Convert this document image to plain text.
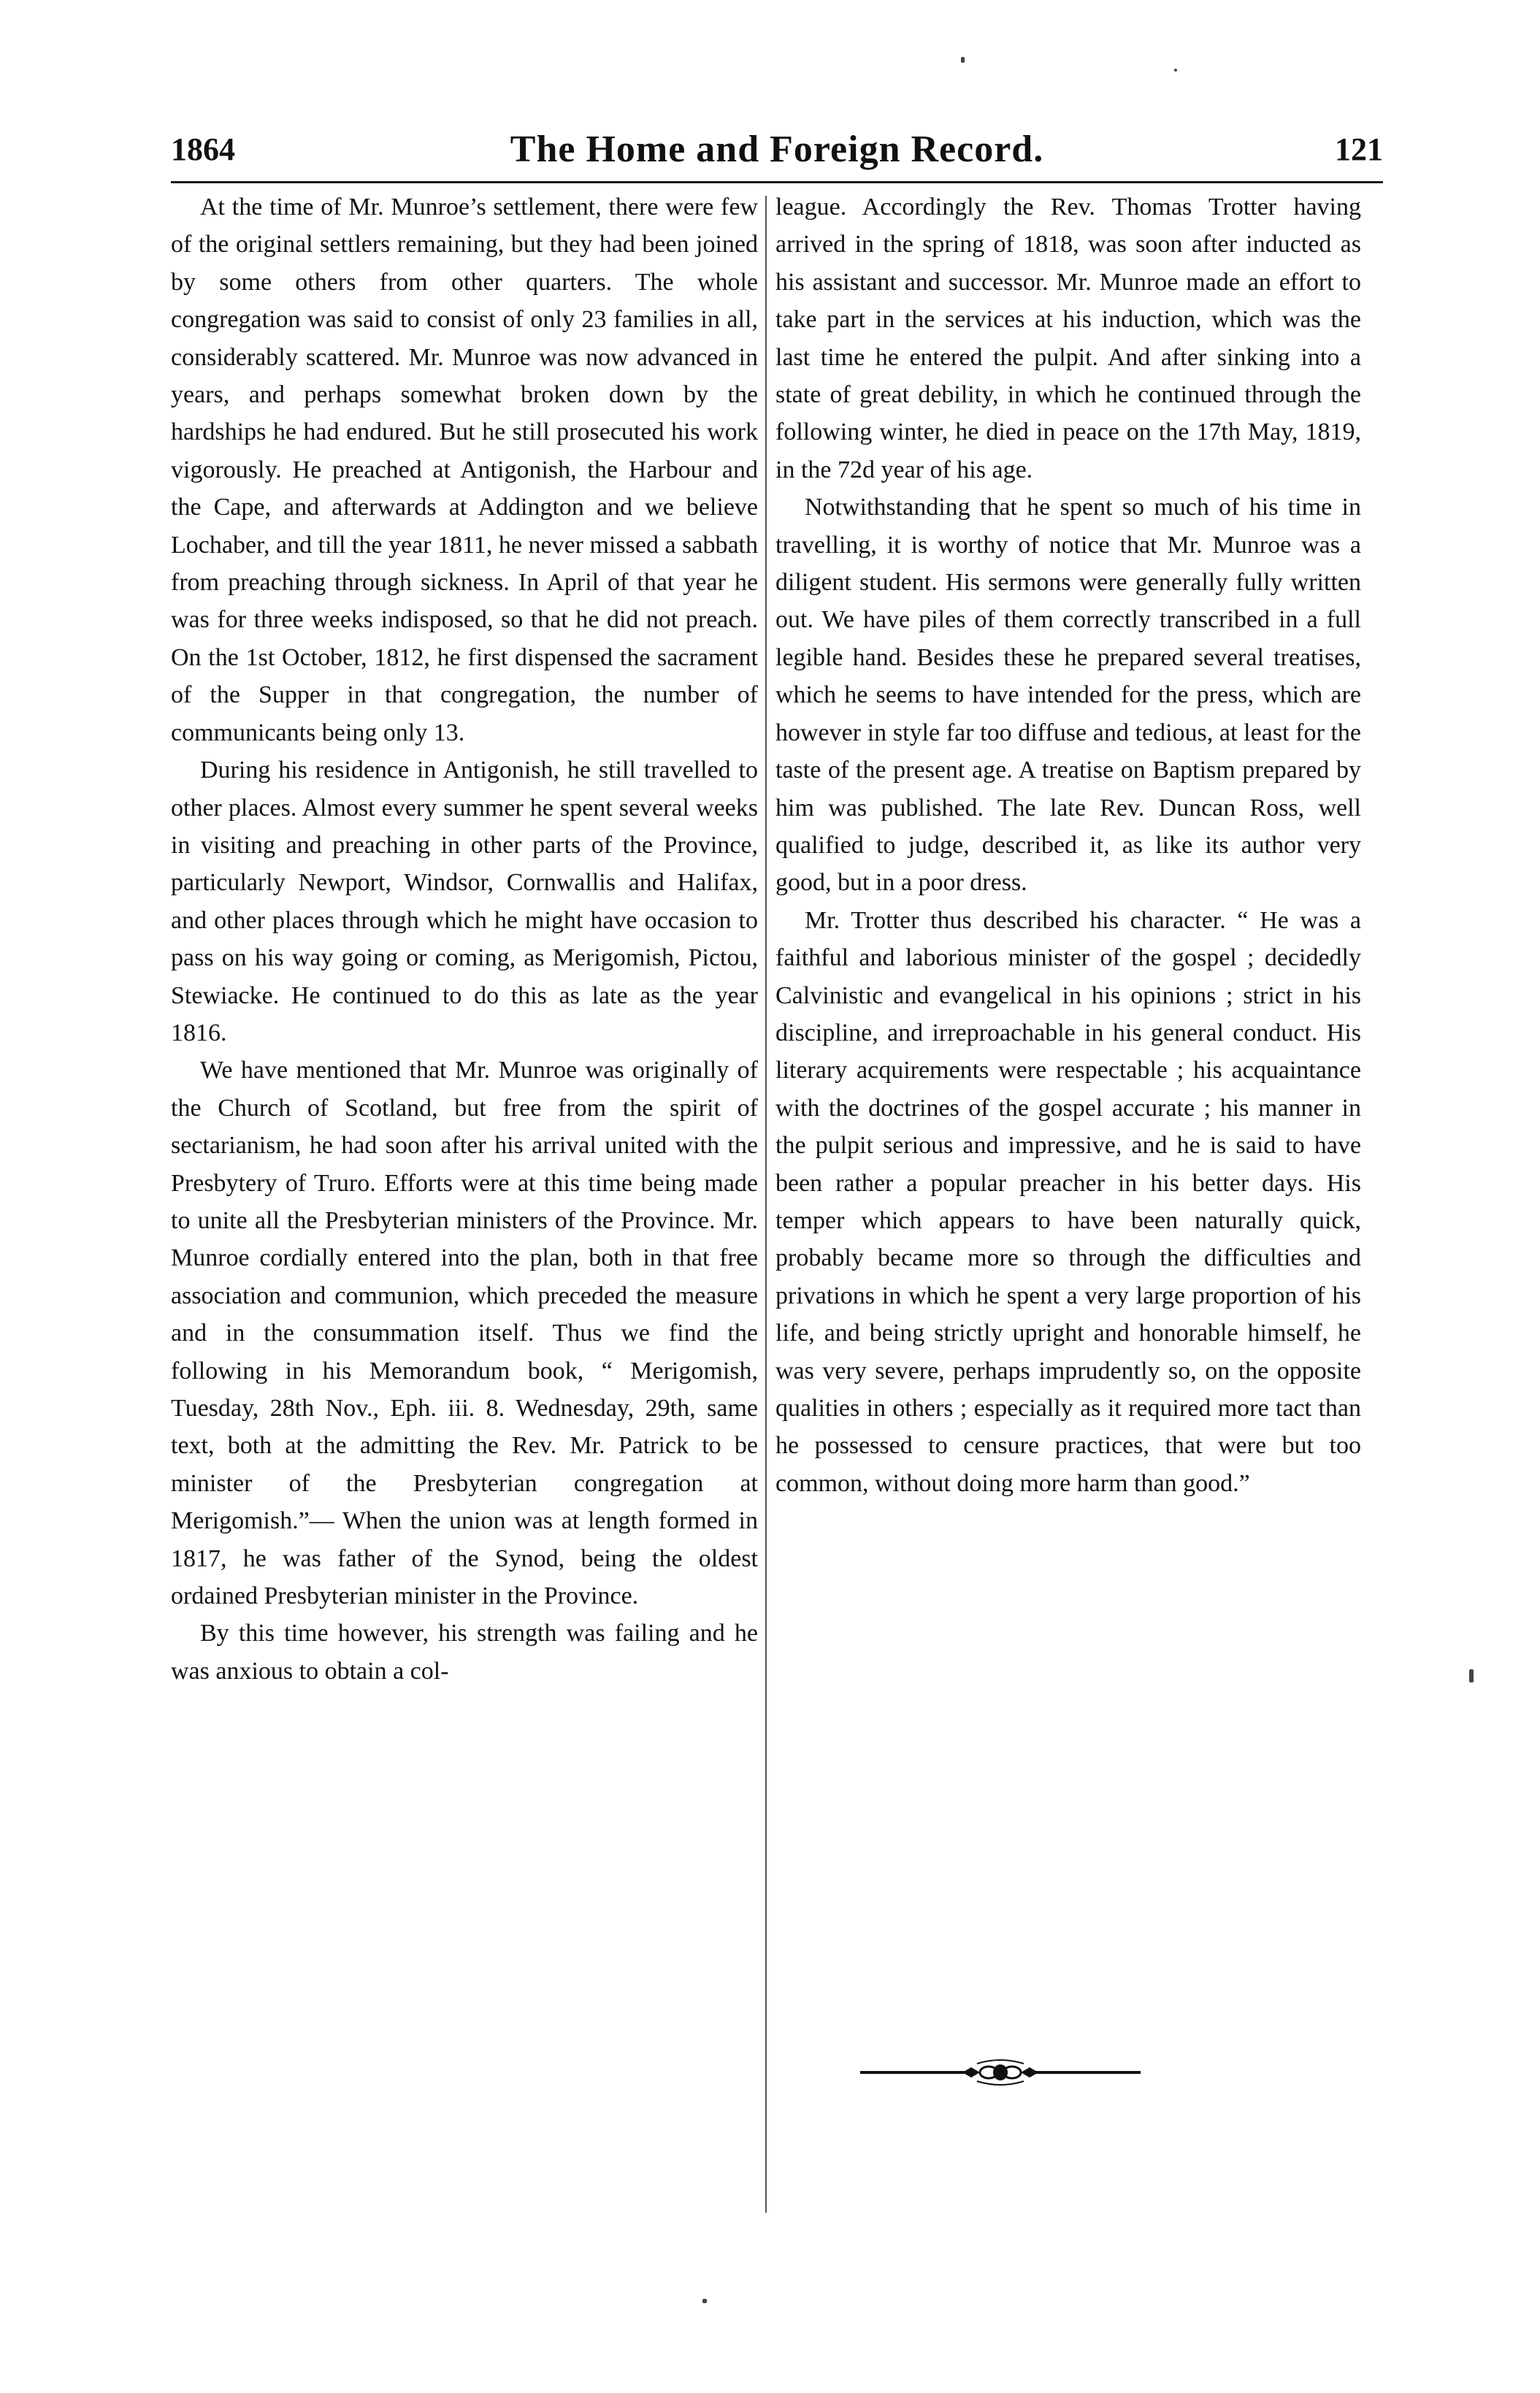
1864	The Home and Foreign Record.	121

At the time of Mr. Munroe’s settlement, there were few of the original settlers remaining, but they had been joined by some others from other quarters. The whole congregation was said to consist of only 23 families in all, considerably scattered. Mr. Munroe was now advanced in years, and perhaps somewhat broken down by the hardships he had endured. But he still prosecuted his work vigorously. He preached at Antigonish, the Harbour and the Cape, and afterwards at Addington and we believe Lochaber, and till the year 1811, he never missed a sabbath from preaching through sickness. In April of that year he was for three weeks indisposed, so that he did not preach. On the 1st October, 1812, he first dispensed the sacrament of the Supper in that congregation, the number of communicants being only 13.

During his residence in Antigonish, he still travelled to other places. Almost every summer he spent several weeks in visiting and preaching in other parts of the Province, particularly Newport, Windsor, Cornwallis and Halifax, and other places through which he might have occasion to pass on his way going or coming, as Merigomish, Pictou, Stewiacke. He continued to do this as late as the year 1816.

We have mentioned that Mr. Munroe was originally of the Church of Scotland, but free from the spirit of sectarianism, he had soon after his arrival united with the Presbytery of Truro. Efforts were at this time being made to unite all the Presbyterian ministers of the Province. Mr. Munroe cordially entered into the plan, both in that free association and communion, which preceded the measure and in the consummation itself. Thus we find the following in his Memorandum book, “ Merigomish, Tuesday, 28th Nov., Eph. iii. 8. Wednesday, 29th, same text, both at the admitting the Rev. Mr. Patrick to be minister of the Presbyterian congregation at Merigomish.”— When the union was at length formed in 1817, he was father of the Synod, being the oldest ordained Presbyterian minister in the Province.

By this time however, his strength was failing and he was anxious to obtain a col-

league. Accordingly the Rev. Thomas Trotter having arrived in the spring of 1818, was soon after inducted as his assistant and successor. Mr. Munroe made an effort to take part in the services at his induction, which was the last time he entered the pulpit. And after sinking into a state of great debility, in which he continued through the following winter, he died in peace on the 17th May, 1819, in the 72d year of his age.

Notwithstanding that he spent so much of his time in travelling, it is worthy of notice that Mr. Munroe was a diligent student. His sermons were generally fully written out. We have piles of them correctly transcribed in a full legible hand. Besides these he prepared several treatises, which he seems to have intended for the press, which are however in style far too diffuse and tedious, at least for the taste of the present age. A treatise on Baptism prepared by him was published. The late Rev. Duncan Ross, well qualified to judge, described it, as like its author very good, but in a poor dress.

Mr. Trotter thus described his character. “ He was a faithful and laborious minister of the gospel ; decidedly Calvinistic and evangelical in his opinions ; strict in his discipline, and irreproachable in his general conduct. His literary acquirements were respectable ; his acquaintance with the doctrines of the gospel accurate ; his manner in the pulpit serious and impressive, and he is said to have been rather a popular preacher in his better days. His temper which appears to have been naturally quick, probably became more so through the difficulties and privations in which he spent a very large proportion of his life, and being strictly upright and honorable himself, he was very severe, perhaps imprudently so, on the opposite qualities in others ; especially as it required more tact than he possessed to censure practices, that were but too common, without doing more harm than good.”
